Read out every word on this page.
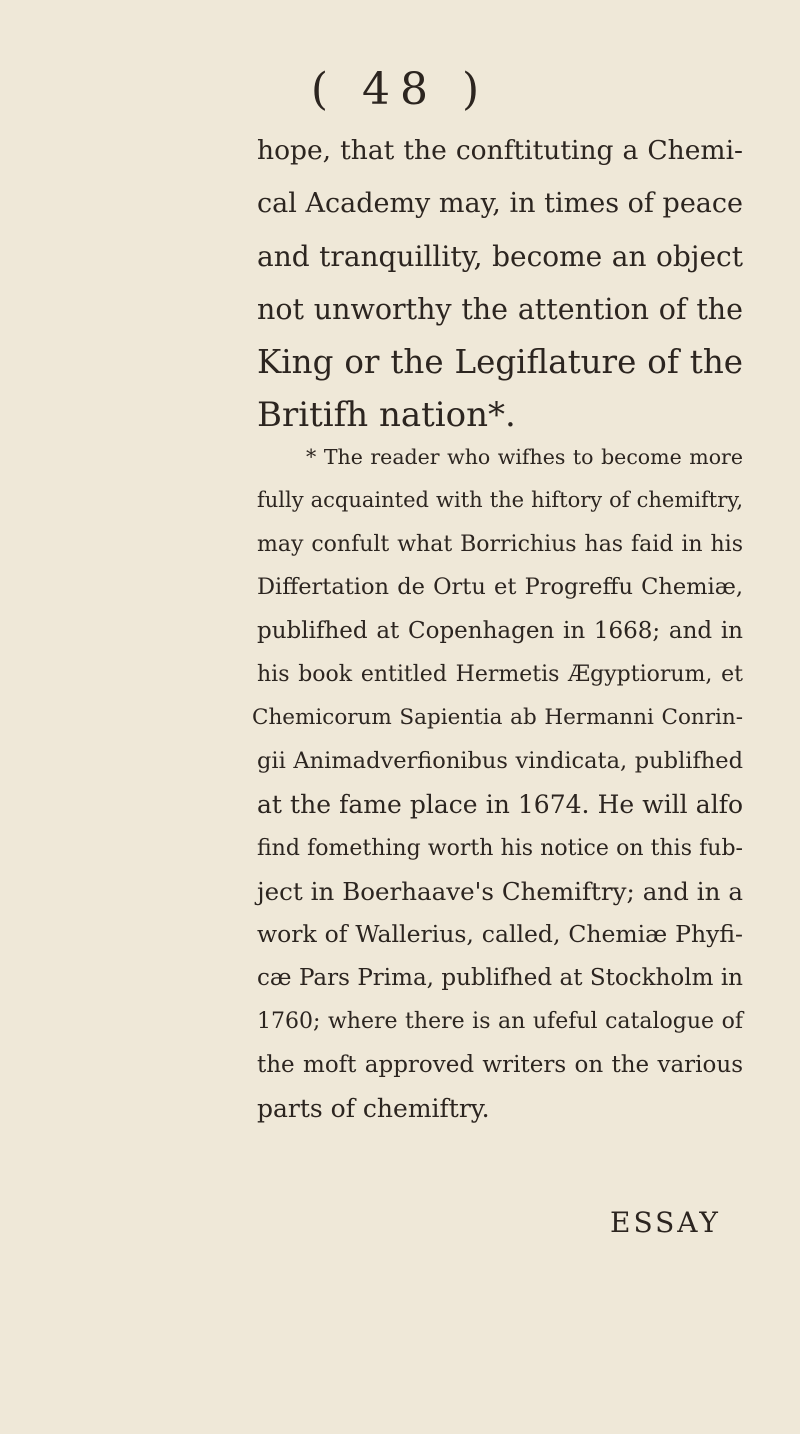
( 48 )
hope, that the conftituting a Chemi-
cal Academy may, in times of peace
and tranquillity, become an object
not unworthy the attention of the
King or the Legiflature of the
Britifh nation*.
* The reader who wifhes to become more
fully acquainted with the hiftory of chemiftry,
may confult what Borrichius has faid in his
Differtation de Ortu et Progreffu Chemiæ,
publifhed at Copenhagen in 1668; and in
his book entitled Hermetis Ægyptiorum, et
Chemicorum Sapientia ab Hermanni Conrin-
gii Animadverfionibus vindicata, publifhed
at the fame place in 1674. He will alfo
find fomething worth his notice on this fub-
ject in Boerhaave's Chemiftry; and in a
work of Wallerius, called, Chemiæ Phyfi-
cæ Pars Prima, publifhed at Stockholm in
1760; where there is an ufeful catalogue of
the moft approved writers on the various
parts of chemiftry.
ESSAY
